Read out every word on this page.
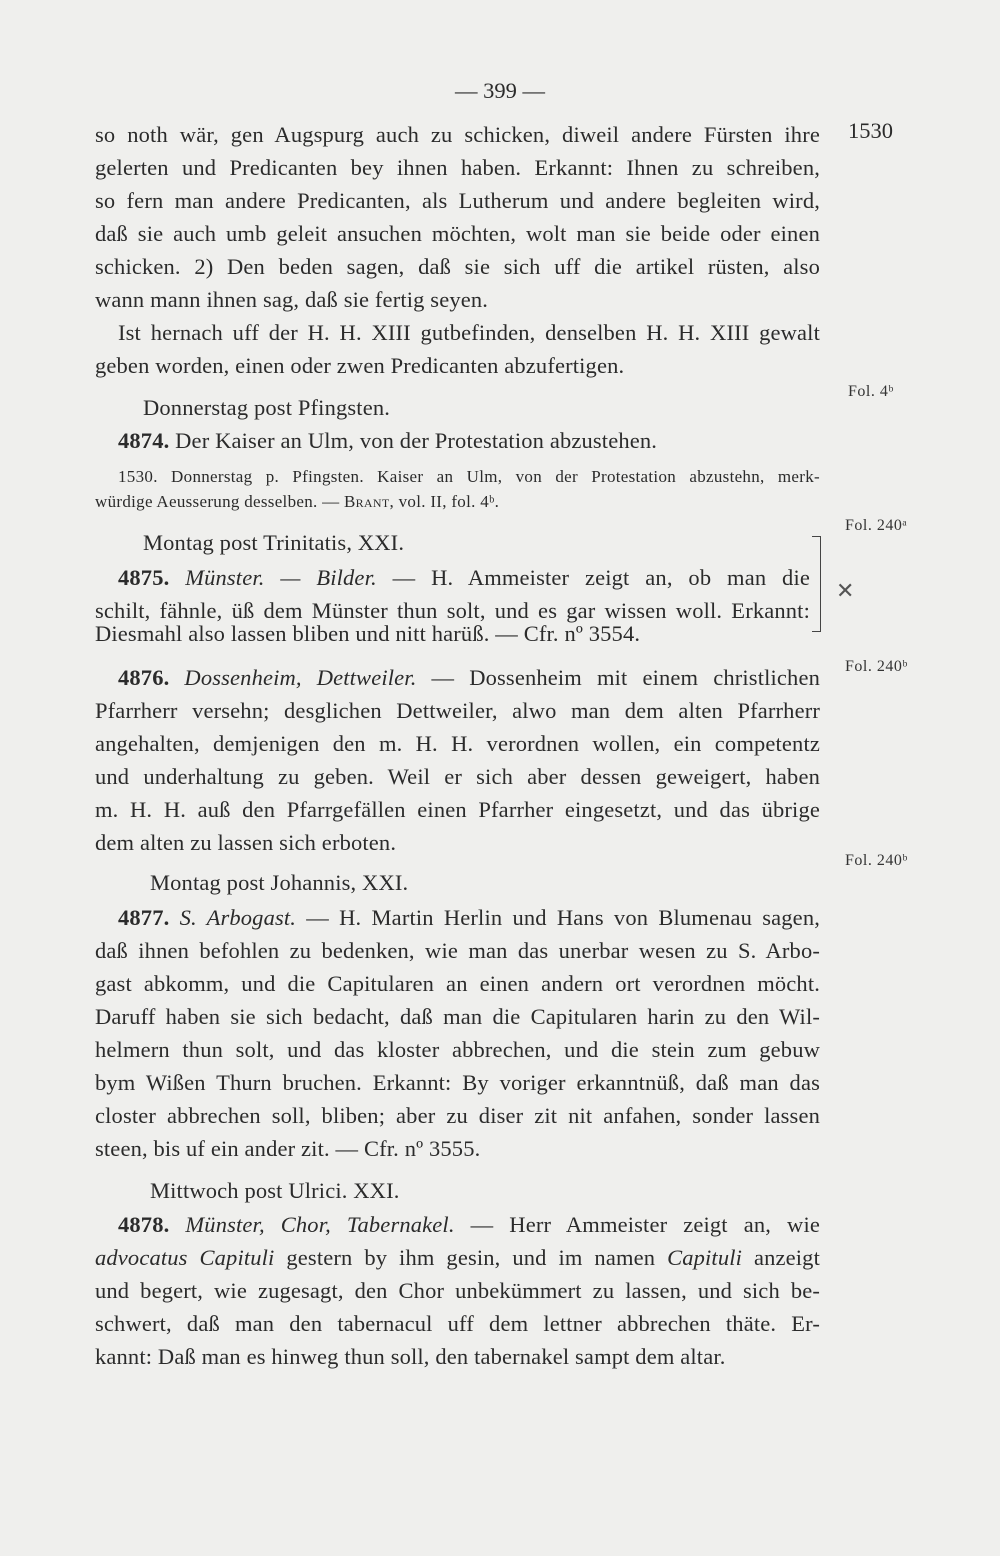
— 399 —
1530
Fol. 4ᵇ
Fol. 240ᵃ
Fol. 240ᵇ
Fol. 240ᵇ
✕
so noth wär, gen Augspurg auch zu schicken, diweil andere Fürsten ihre
gelerten und Predicanten bey ihnen haben. Erkannt: Ihnen zu schreiben,
so fern man andere Predicanten, als Lutherum und andere begleiten wird,
daß sie auch umb geleit ansuchen möchten, wolt man sie beide oder einen
schicken. 2) Den beden sagen, daß sie sich uff die artikel rüsten, also
wann mann ihnen sag, daß sie fertig seyen.
Ist hernach uff der H. H. XIII gutbefinden, denselben H. H. XIII gewalt
geben worden, einen oder zwen Predicanten abzufertigen.
Donnerstag post Pfingsten.
4874. Der Kaiser an Ulm, von der Protestation abzustehen.
1530. Donnerstag p. Pfingsten. Kaiser an Ulm, von der Protestation abzustehn, merk-
würdige Aeusserung desselben. — Brant, vol. II, fol. 4ᵇ.
Montag post Trinitatis, XXI.
4875. Münster. — Bilder. — H. Ammeister zeigt an, ob man die
schilt, fähnle, üß dem Münster thun solt, und es gar wissen woll. Erkannt:
Diesmahl also lassen bliben und nitt harüß. — Cfr. nº 3554.
4876. Dossenheim, Dettweiler. — Dossenheim mit einem christlichen
Pfarrherr versehn; desglichen Dettweiler, alwo man dem alten Pfarrherr
angehalten, demjenigen den m. H. H. verordnen wollen, ein competentz
und underhaltung zu geben. Weil er sich aber dessen geweigert, haben
m. H. H. auß den Pfarrgefällen einen Pfarrher eingesetzt, und das übrige
dem alten zu lassen sich erboten.
Montag post Johannis, XXI.
4877. S. Arbogast. — H. Martin Herlin und Hans von Blumenau sagen,
daß ihnen befohlen zu bedenken, wie man das unerbar wesen zu S. Arbo-
gast abkomm, und die Capitularen an einen andern ort verordnen möcht.
Daruff haben sie sich bedacht, daß man die Capitularen harin zu den Wil-
helmern thun solt, und das kloster abbrechen, und die stein zum gebuw
bym Wißen Thurn bruchen. Erkannt: By voriger erkanntnüß, daß man das
closter abbrechen soll, bliben; aber zu diser zit nit anfahen, sonder lassen
steen, bis uf ein ander zit. — Cfr. nº 3555.
Mittwoch post Ulrici. XXI.
4878. Münster, Chor, Tabernakel. — Herr Ammeister zeigt an, wie
advocatus Capituli gestern by ihm gesin, und im namen Capituli anzeigt
und begert, wie zugesagt, den Chor unbekümmert zu lassen, und sich be-
schwert, daß man den tabernacul uff dem lettner abbrechen thäte. Er-
kannt: Daß man es hinweg thun soll, den tabernakel sampt dem altar.
